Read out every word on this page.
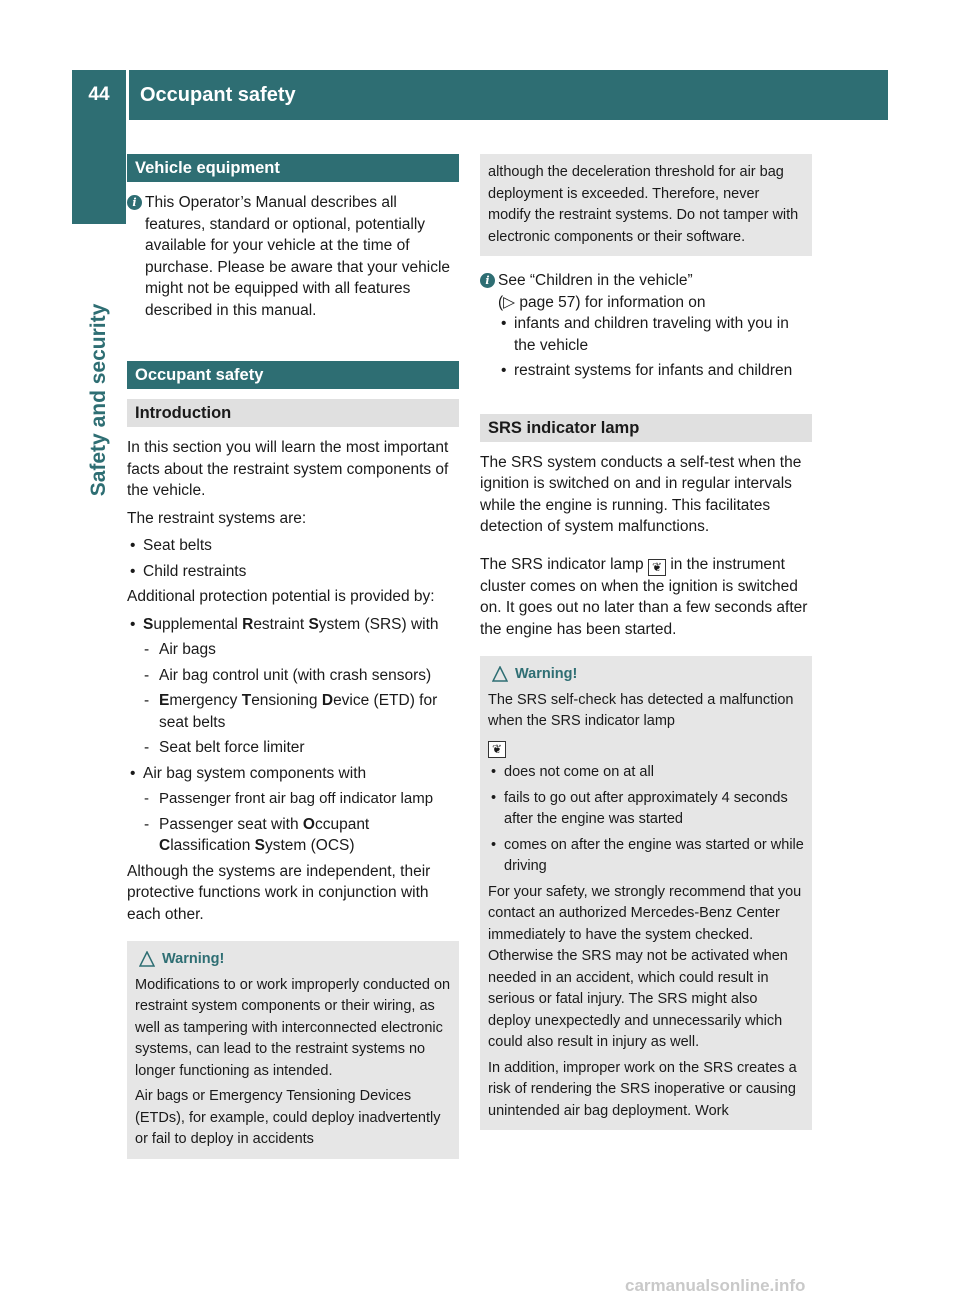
44	Occupant safety
Safety and security
Vehicle equipment
i This Operator’s Manual describes all features, standard or optional, potentially available for your vehicle at the time of purchase. Please be aware that your vehicle might not be equipped with all features described in this manual.
Occupant safety
Introduction

In this section you will learn the most important facts about the restraint system components of the vehicle.

The restraint systems are:

• Seat belts
• Child restraints

Additional protection potential is provided by:

• Supplemental Restraint System (SRS) with
- Air bags
- Air bag control unit (with crash sensors)
- Emergency Tensioning Device (ETD) for seat belts
- Seat belt force limiter
• Air bag system components with
- Passenger front air bag off indicator lamp
- Passenger seat with Occupant
Classification System (OCS)

Although the systems are independent, their protective functions work in conjunction with each other.

Warning!

Modifications to or work improperly conducted on restraint system components or their wiring, as well as tampering with interconnected electronic systems, can lead to the restraint systems no longer functioning as intended.

Air bags or Emergency Tensioning Devices (ETDs), for example, could deploy inadvertently or fail to deploy in accidents

although the deceleration threshold for air bag deployment is exceeded. Therefore, never modify the restraint systems. Do not tamper with electronic components or their software.

i See “Children in the vehicle”
(▷ page 57) for information on
• infants and children traveling with you in the vehicle
• restraint systems for infants and children
SRS indicator lamp

The SRS system conducts a self-test when the ignition is switched on and in regular intervals while the engine is running. This facilitates detection of system malfunctions.

The SRS indicator lamp ❦ in the instrument cluster comes on when the ignition is switched on. It goes out no later than a few seconds after the engine has been started.

Warning!

The SRS self-check has detected a malfunction when the SRS indicator lamp

❦

• does not come on at all
• fails to go out after approximately 4 seconds after the engine was started
• comes on after the engine was started or while driving

For your safety, we strongly recommend that you contact an authorized Mercedes-Benz Center immediately to have the system checked. Otherwise the SRS may not be activated when needed in an accident, which could result in serious or fatal injury. The SRS might also deploy unexpectedly and unnecessarily which could also result in injury as well.

In addition, improper work on the SRS creates a risk of rendering the SRS inoperative or causing unintended air bag deployment. Work

carmanualsonline.info
